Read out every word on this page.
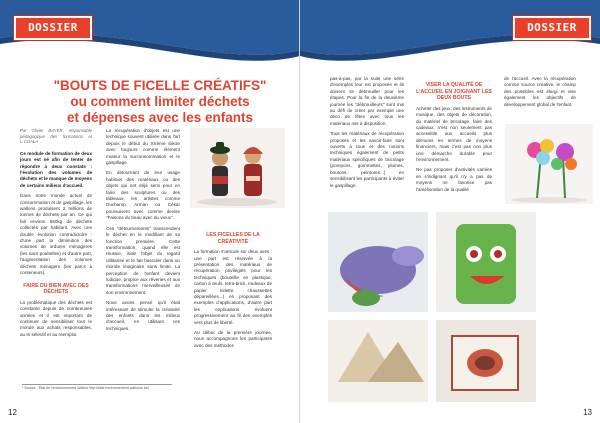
DOSSIER
"BOUTS DE FICELLE CRÉATIFS"
ou comment limiter déchets
et dépenses avec les enfants

Par Olivier BAYER, responsable pédagogique des formations et L.COALA

Ce module de formation de deux jours est né afin de tenter de répondre à deux constats : l'évolution des volumes de déchets et le manque de moyens de certains milieux d'accueil.

Dans notre monde actuel de consommation et de gaspillage, les wallons produisent 2 millions de tonnes de déchets par an. Ce qui fait environ 550kg de déchets collectés par habitant. Avec une double évolution contradictoire : d'une part la diminution des volumes de ordures ménagères (les sacs poubelles) et d'autre part, l'augmentation des volumes déchets ménagers (les parcs à conteneurs).

FAIRE DU BIEN AVEC DES DÉCHETS

La problématique des déchets est constante depuis de nombreuses années et il est important de continuer de sensibiliser tout le monde aux achats responsables, au tri sélectif et au réemploi.

La récupération d'objets est une technique souvent utilisée dans l'art depuis le début du XXème siècle avec toujours comme élément moteur la surconsommation et le gaspillage.

En détournant de leur usage habituel des matériaux ou des objets qui ont déjà servi pour en faire des sculptures ou des tableaux, les artistes comme Duchamp, Arman ou César poursuivent avec comme devise "Faisons du beau avec du vieux".

Ces "détournements" transcendent le déchet en le modifiant de sa fonction première. Cette transformation, quand elle est réussie, isole l'objet du regard utilitarisé et le fait basculer dans un monde imaginaire sans limite. La perception de l'enfant devient ludique, propice aux rêveries et aux transformations merveilleuses de son environnement.

Nous avons pensé qu'il était intéressant de stimuler la créativité des enfants dans les milieux d'accueil, en utilisant ces techniques.

LES FICELLES DE LA CRÉATIVITÉ

La formation s'articule sur deux axes : une part est réservée à la présentation des matériaux de récupération privilégiés pour les techniques (bouteille en plastique, carton à œufs, tetra-brick, rouleaux de papier toilette, chaussettes dépareillées...) en proposant des exemples d'applications, d'autre part les explications évoluent progressivement au fil des exemples vers plus de liberté.

Au début de la première journée, nous accompagnons les participants avec des méthodes

¹ Source : État de l'environnement Wallon http://etat.environnement.wallonie.be/
12
DOSSIER

pas-à-pas, par la suite une série d'exemples leur est proposée et ils doivent se débrouiller pour les étapes. Pour la fin de la deuxième journée les "débrouilleurs" sont mis au défi de créer par exemple une déco de fêtes avec tous les matériaux mis à disposition.

Tous les matériaux de récupération proposés et les savoir-faire sont ouverts à tous et des notions techniques également de petits matériaux spécifiques de bricolage (pompons, gommettes, plumes, boutons, peintures...) en sensibilisant les participants à éviter le gaspillage.

VISER LA QUALITÉ DE L'ACCUEIL EN JOIGNANT LES DEUX BOUTS

Acheter des jeux, des instruments de musique, des objets de décoration, du matériel de bricolage, faire des cadeaux, n'est non seulement pas accessible aux accueils plus démunis en termes de moyens financiers, mais c'est pas non plus une démarche durable pour l'environnement.

Ne pas proposer d'activités variées en s'indignant qu'il n'y a pas de moyens ne favorise pas l'amélioration de la qualité

de l'accueil. Avec la récupération comme source créative, le champ des possibles est élargi et vise également les objectifs de développement global de l'enfant.

13
